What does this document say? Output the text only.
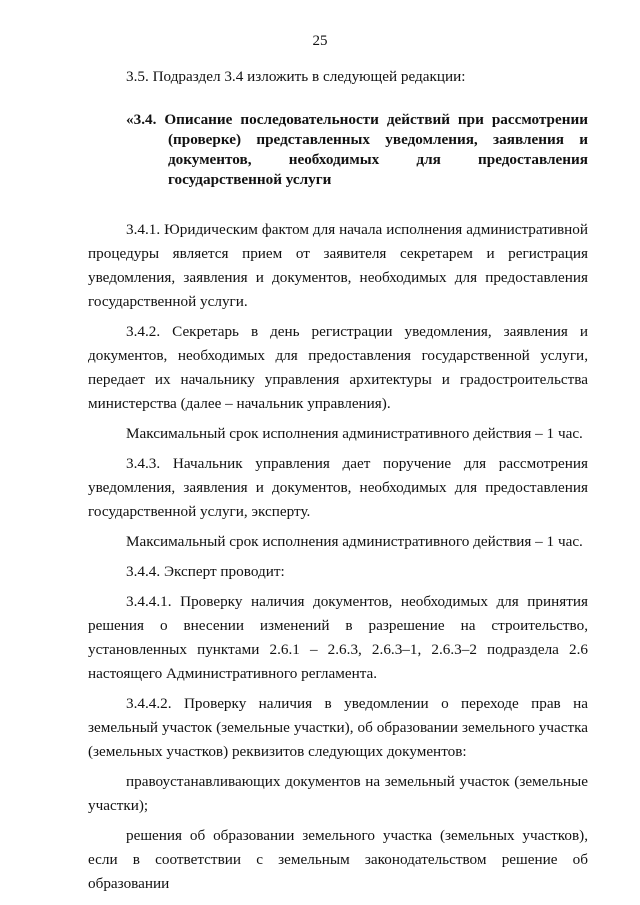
25

3.5. Подраздел 3.4 изложить в следующей редакции:

«3.4. Описание последовательности действий при рассмотрении (проверке) представленных уведомления, заявления и документов, необходимых для предоставления государственной услуги

3.4.1. Юридическим фактом для начала исполнения административной процедуры является прием от заявителя секретарем и регистрация уведомления, заявления и документов, необходимых для предоставления государственной услуги.

3.4.2. Секретарь в день регистрации уведомления, заявления и документов, необходимых для предоставления государственной услуги, передает их начальнику управления архитектуры и градостроительства министерства (далее – начальник управления).

Максимальный срок исполнения административного действия – 1 час.

3.4.3. Начальник управления дает поручение для рассмотрения уведомления, заявления и документов, необходимых для предоставления государственной услуги, эксперту.

Максимальный срок исполнения административного действия – 1 час.

3.4.4. Эксперт проводит:

3.4.4.1. Проверку наличия документов, необходимых для принятия решения о внесении изменений в разрешение на строительство, установленных пунктами 2.6.1 – 2.6.3, 2.6.3–1, 2.6.3–2 подраздела 2.6 настоящего Административного регламента.

3.4.4.2. Проверку наличия в уведомлении о переходе прав на земельный участок (земельные участки), об образовании земельного участка (земельных участков) реквизитов следующих документов:

правоустанавливающих документов на земельный участок (земельные участки);

решения об образовании земельного участка (земельных участков), если в соответствии с земельным законодательством решение об образовании
